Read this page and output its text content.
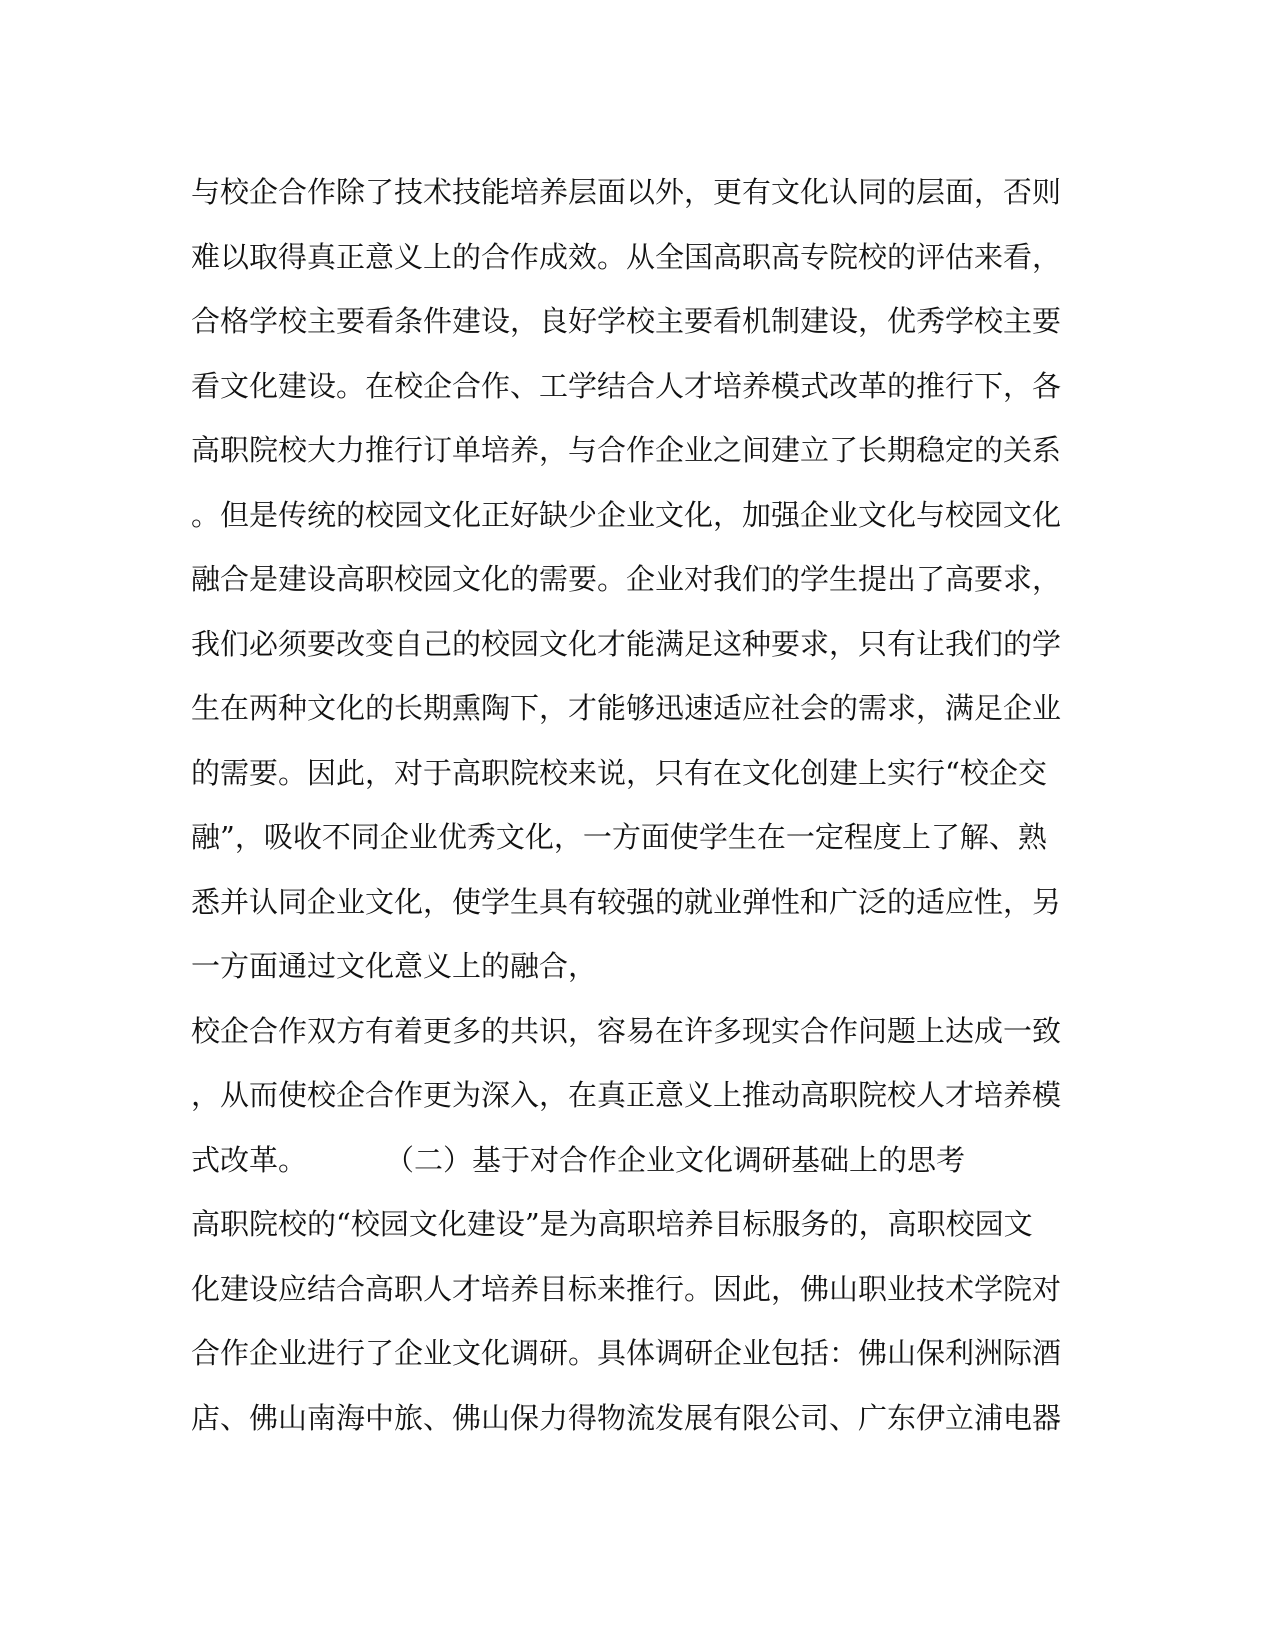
与校企合作除了技术技能培养层面以外，更有文化认同的层面，否则
难以取得真正意义上的合作成效。从全国高职高专院校的评估来看，
合格学校主要看条件建设，良好学校主要看机制建设，优秀学校主要
看文化建设。在校企合作、工学结合人才培养模式改革的推行下，各
高职院校大力推行订单培养，与合作企业之间建立了长期稳定的关系
。但是传统的校园文化正好缺少企业文化，加强企业文化与校园文化
融合是建设高职校园文化的需要。企业对我们的学生提出了高要求，
我们必须要改变自己的校园文化才能满足这种要求，只有让我们的学
生在两种文化的长期熏陶下，才能够迅速适应社会的需求，满足企业
的需要。因此，对于高职院校来说，只有在文化创建上实行“校企交
融”，吸收不同企业优秀文化，一方面使学生在一定程度上了解、熟
悉并认同企业文化，使学生具有较强的就业弹性和广泛的适应性，另
一方面通过文化意义上的融合，
校企合作双方有着更多的共识，容易在许多现实合作问题上达成一致
，从而使校企合作更为深入，在真正意义上推动高职院校人才培养模
式改革。	（二）基于对合作企业文化调研基础上的思考
高职院校的“校园文化建设”是为高职培养目标服务的，高职校园文
化建设应结合高职人才培养目标来推行。因此，佛山职业技术学院对
合作企业进行了企业文化调研。具体调研企业包括：佛山保利洲际酒
店、佛山南海中旅、佛山保力得物流发展有限公司、广东伊立浦电器
